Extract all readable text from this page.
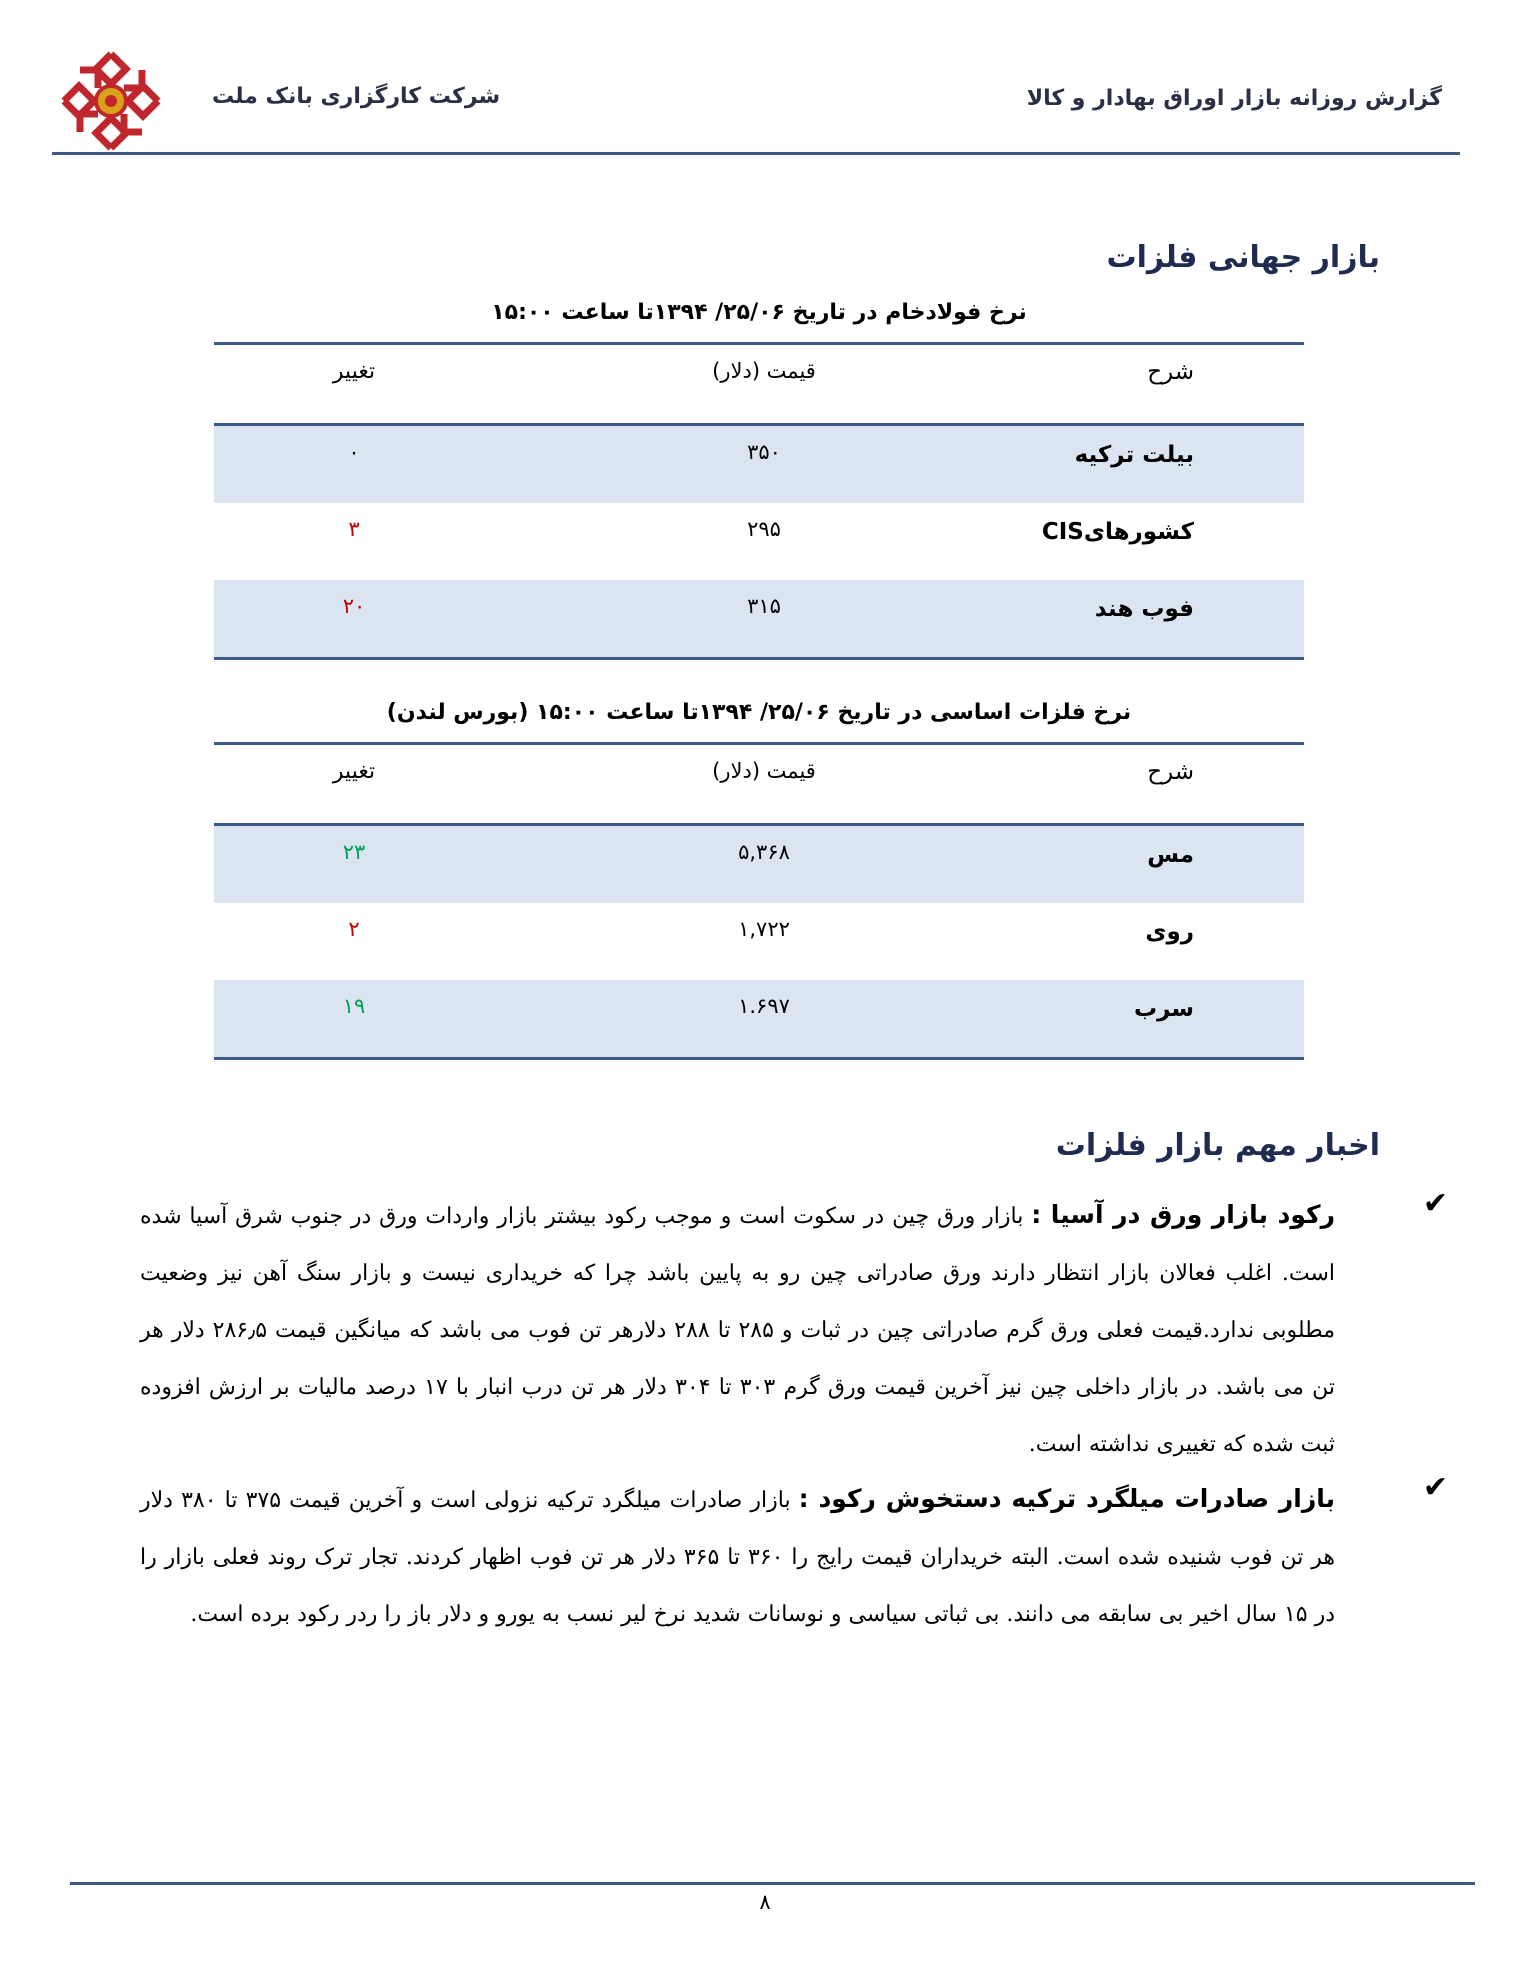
شرکت کارگزاری بانک ملت	گزارش روزانه بازار اوراق بهادار و کالا
بازار جهانی فلزات
نرخ فولادخام در تاریخ ۲۵/۰۶/ ۱۳۹۴تا ساعت ۱۵:۰۰
شرح
قیمت (دلار)
تغییر
بیلت ترکیه
۳۵۰
۰
کشورهایCIS
۲۹۵
۳
فوب هند
۳۱۵
۲۰
نرخ فلزات اساسی در تاریخ ۲۵/۰۶/ ۱۳۹۴تا ساعت ۱۵:۰۰ (بورس لندن)
شرح
قیمت (دلار)
تغییر
مس
۵,۳۶۸
۲۳
روی
۱,۷۲۲
۲
سرب
۱.۶۹۷
۱۹
اخبار مهم بازار فلزات
✔
رکود بازار ورق در آسیا : بازار ورق چین در سکوت است و موجب رکود بیشتر بازار واردات ورق در جنوب شرق آسیا شده است. اغلب فعالان بازار انتظار دارند ورق صادراتی چین رو به پایین باشد چرا که خریداری نیست و بازار سنگ آهن نیز وضعیت مطلوبی ندارد.قیمت فعلی ورق گرم صادراتی چین در ثبات و ۲۸۵ تا ۲۸۸ دلارهر تن فوب می باشد که میانگین قیمت ۲۸۶٫۵ دلار هر تن می باشد. در بازار داخلی چین نیز آخرین قیمت ورق گرم ۳۰۳ تا ۳۰۴ دلار هر تن درب انبار با ۱۷ درصد مالیات بر ارزش افزوده ثبت شده که تغییری نداشته است.
✔
بازار صادرات میلگرد ترکیه دستخوش رکود : بازار صادرات میلگرد ترکیه نزولی است و آخرین قیمت ۳۷۵ تا ۳۸۰ دلار هر تن فوب شنیده شده است. البته خریداران قیمت رایج را ۳۶۰ تا ۳۶۵ دلار هر تن فوب اظهار کردند. تجار ترک روند فعلی بازار را در ۱۵ سال اخیر بی سابقه می دانند. بی ثباتی سیاسی و نوسانات شدید نرخ لیر نسب به یورو و دلار باز را ردر رکود برده است.
۸
